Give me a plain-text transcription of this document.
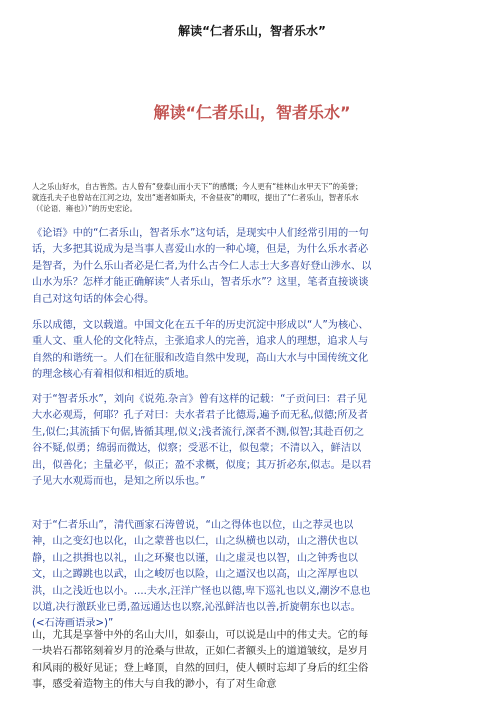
解读“仁者乐山，智者乐水”
解读“仁者乐山，智者乐水”
人之乐山好水，自古皆然。古人曾有“登泰山而小天下”的感慨；今人更有“桂林山水甲天下”的美誉；就连孔夫子也曾站在江河之边，发出“逝者如斯夫，不舍昼夜”的喟叹，提出了“仁者乐山，智者乐水（《论语．雍也》）”的历史宏论。

《论语》中的“仁者乐山，智者乐水”这句话，是现实中人们经常引用的一句话，大多把其说成为是当事人喜爱山水的一种心境，但是，为什么乐水者必是智者，为什么乐山者必是仁者,为什么古今仁人志士大多喜好登山涉水、以山水为乐？怎样才能正确解读“人者乐山，智者乐水”？这里，笔者直接谈谈自己对这句话的体会心得。

乐以成德，文以载道。中国文化在五千年的历史沉淀中形成以“人”为核心、重人文、重人伦的文化特点，主张追求人的完善，追求人的理想，追求人与自然的和谐统一。人们在征服和改造自然中发现，高山大水与中国传统文化的理念核心有着相似和相近的质地。

对于“智者乐水”，刘向《说苑.杂言》曾有这样的记载：“子贡问曰：君子见大水必观焉，何耶？孔子对曰：夫水者君子比德焉,遍予而无私,似德;所及者生,似仁;其流插下句倨,皆循其理,似义;浅者流行,深者不测,似智;其赴百仞之谷不疑,似勇；绵弱而微达，似察；受恶不让，似包蒙；不清以入，鲜洁以出，似善化；主量必平，似正；盈不求概，似度；其万折必东,似志。是以君子见大水观焉而也，是知之所以乐也。”

对于“仁者乐山”，清代画家石涛曾说，“山之得体也以位，山之荐灵也以神，山之变幻也以化，山之蒙普也以仁，山之纵横也以动，山之潜伏也以静，山之拱揖也以礼，山之环聚也以谨，山之虚灵也以智，山之钟秀也以文，山之蹲跳也以武，山之峻厉也以险，山之逼汉也以高，山之浑厚也以洪，山之浅近也以小。....夫水,汪洋广怪也以德,卑下巡礼也以义,潮汐不息也以道,决行激跃业已勇,盈远通达也以察,沁泓鲜洁也以善,折旋朝东也以志。(<石涛画语录>)”

山，尤其是享誉中外的名山大川，如泰山，可以说是山中的伟丈夫。它的每一块岩石都铭刻着岁月的沧桑与世故，正如仁者额头上的道道皱纹，是岁月和风雨的极好见证；登上峰顶，自然的回归，使人顿时忘却了身后的红尘俗事，感受着造物主的伟大与自我的渺小，有了对生命意
